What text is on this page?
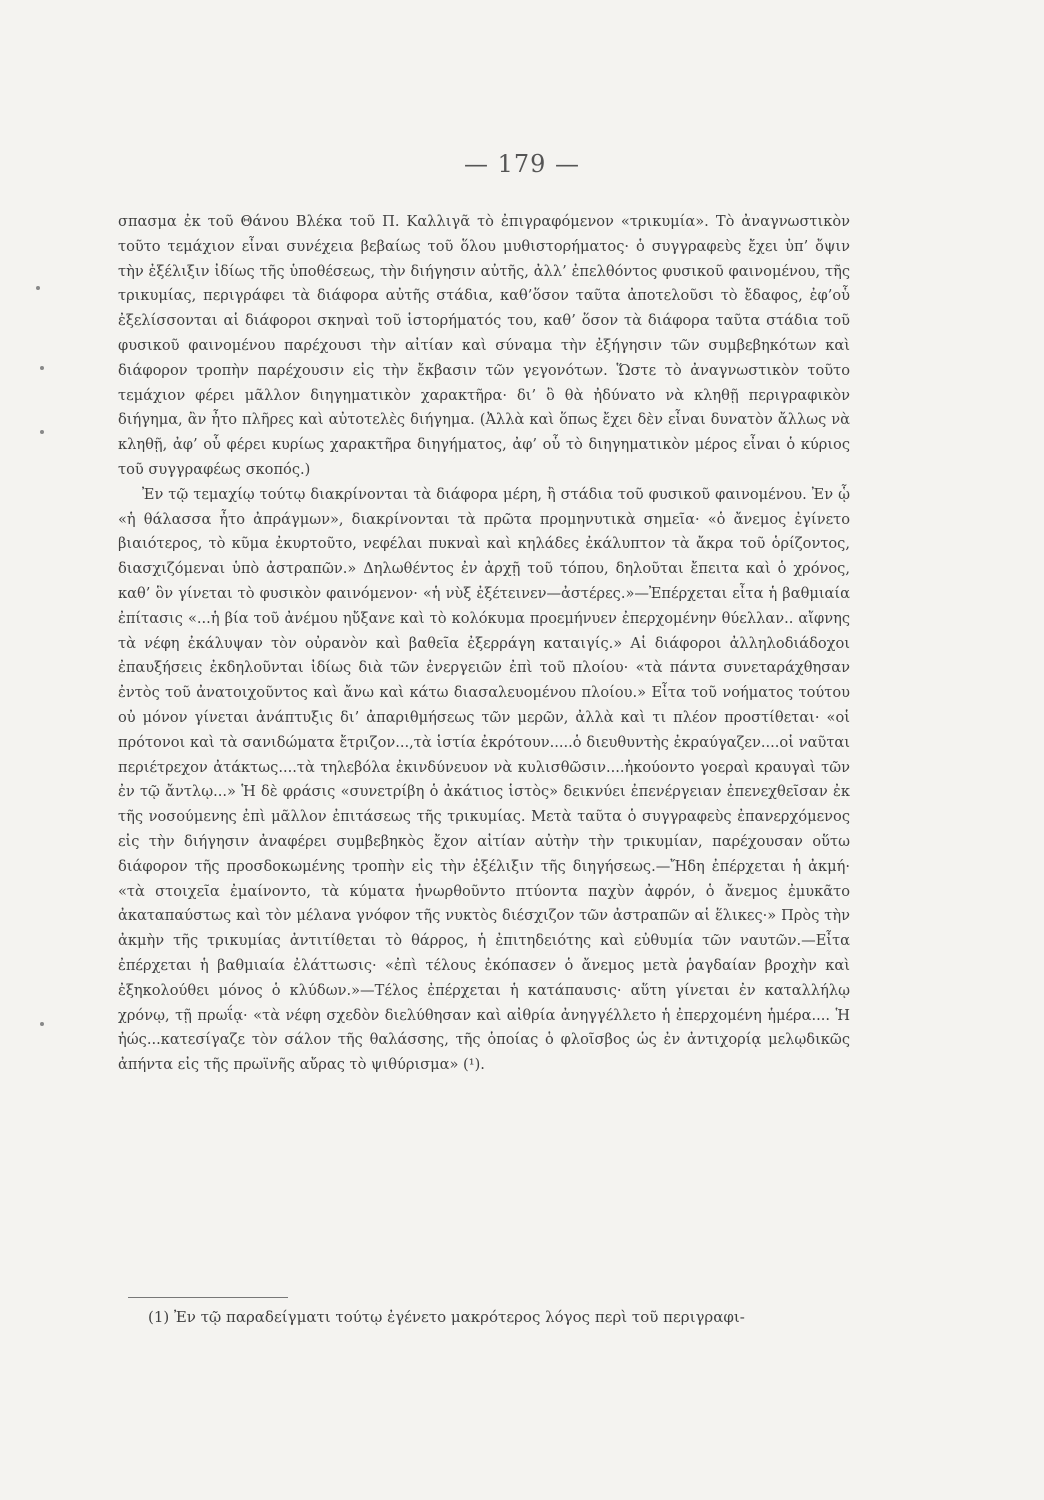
— 179 —

σπασμα ἐκ τοῦ Θάνου Βλέκα τοῦ Π. Καλλιγᾶ τὸ ἐπιγραφόμενον «τρικυμία». Τὸ ἀναγνωστικὸν τοῦτο τεμάχιον εἶναι συνέχεια βεβαίως τοῦ ὅλου μυθιστορήματος· ὁ συγγραφεὺς ἔχει ὑπ’ ὄψιν τὴν ἐξέλιξιν ἰδίως τῆς ὑποθέσεως, τὴν διήγησιν αὐτῆς, ἀλλ’ ἐπελθόντος φυσικοῦ φαινομένου, τῆς τρικυμίας, περιγράφει τὰ διάφορα αὐτῆς στάδια, καθ’ὅσον ταῦτα ἀποτελοῦσι τὸ ἔδαφος, ἐφ’οὗ ἐξελίσσονται αἱ διάφοροι σκηναὶ τοῦ ἱστορήματός του, καθ’ ὅσον τὰ διάφορα ταῦτα στάδια τοῦ φυσικοῦ φαινομένου παρέχουσι τὴν αἰτίαν καὶ σύναμα τὴν ἐξήγησιν τῶν συμβεβηκότων καὶ διάφορον τροπὴν παρέχουσιν εἰς τὴν ἔκβασιν τῶν γεγονότων. Ὥστε τὸ ἀναγνωστικὸν τοῦτο τεμάχιον φέρει μᾶλλον διηγηματικὸν χαρακτῆρα· δι’ ὃ θὰ ἠδύνατο νὰ κληθῇ περιγραφικὸν διήγημα, ἂν ἦτο πλῆρες καὶ αὐτοτελὲς διήγημα. (Ἀλλὰ καὶ ὅπως ἔχει δὲν εἶναι δυνατὸν ἄλλως νὰ κληθῇ, ἀφ’ οὗ φέρει κυρίως χαρακτῆρα διηγήματος, ἀφ’ οὗ τὸ διηγηματικὸν μέρος εἶναι ὁ κύριος τοῦ συγγραφέως σκοπός.)

Ἐν τῷ τεμαχίῳ τούτῳ διακρίνονται τὰ διάφορα μέρη, ἢ στάδια τοῦ φυσικοῦ φαινομένου. Ἐν ᾧ «ἡ θάλασσα ἦτο ἀπράγμων», διακρίνονται τὰ πρῶτα προμηνυτικὰ σημεῖα· «ὁ ἄνεμος ἐγίνετο βιαιότερος, τὸ κῦμα ἐκυρτοῦτο, νεφέλαι πυκναὶ καὶ κηλάδες ἐκάλυπτον τὰ ἄκρα τοῦ ὁρίζοντος, διασχιζόμεναι ὑπὸ ἀστραπῶν.» Δηλωθέντος ἐν ἀρχῇ τοῦ τόπου, δηλοῦται ἔπειτα καὶ ὁ χρόνος, καθ’ ὃν γίνεται τὸ φυσικὸν φαινόμενον· «ἡ νὺξ ἐξέτεινεν—ἀστέρες.»—Ἐπέρχεται εἶτα ἡ βαθμιαία ἐπίτασις «...ἡ βία τοῦ ἀνέμου ηὔξανε καὶ τὸ κολόκυμα προεμήνυεν ἐπερχομένην θύελλαν.. αἴφνης τὰ νέφη ἐκάλυψαν τὸν οὐρανὸν καὶ βαθεῖα ἐξερράγη καταιγίς.» Αἱ διάφοροι ἀλληλοδιάδοχοι ἐπαυξήσεις ἐκδηλοῦνται ἰδίως διὰ τῶν ἐνεργειῶν ἐπὶ τοῦ πλοίου· «τὰ πάντα συνεταράχθησαν ἐντὸς τοῦ ἀνατοιχοῦντος καὶ ἄνω καὶ κάτω διασαλευομένου πλοίου.» Εἶτα τοῦ νοήματος τούτου οὐ μόνον γίνεται ἀνάπτυξις δι’ ἀπαριθμήσεως τῶν μερῶν, ἀλλὰ καὶ τι πλέον προστίθεται· «οἱ πρότονοι καὶ τὰ σανιδώματα ἔτριζον...,τὰ ἱστία ἐκρότουν.....ὁ διευθυντὴς ἐκραύγαζεν....οἱ ναῦται περιέτρεχον ἀτάκτως....τὰ τηλεβόλα ἐκινδύνευον νὰ κυλισθῶσιν....ἠκούοντο γοεραὶ κραυγαὶ τῶν ἐν τῷ ἄντλῳ...» Ἡ δὲ φράσις «συνετρίβη ὁ ἀκάτιος ἱστὸς» δεικνύει ἐπενέργειαν ἐπενεχθεῖσαν ἐκ τῆς νοσούμενης ἐπὶ μᾶλλον ἐπιτάσεως τῆς τρικυμίας. Μετὰ ταῦτα ὁ συγγραφεὺς ἐπανερχόμενος εἰς τὴν διήγησιν ἀναφέρει συμβεβηκὸς ἔχον αἰτίαν αὐτὴν τὴν τρικυμίαν, παρέχουσαν οὕτω διάφορον τῆς προσδοκωμένης τροπὴν εἰς τὴν ἐξέλιξιν τῆς διηγήσεως.—Ἤδη ἐπέρχεται ἡ ἀκμή· «τὰ στοιχεῖα ἐμαίνοντο, τὰ κύματα ἠνωρθοῦντο πτύοντα παχὺν ἀφρόν, ὁ ἄνεμος ἐμυκᾶτο ἀκαταπαύστως καὶ τὸν μέλανα γνόφον τῆς νυκτὸς διέσχιζον τῶν ἀστραπῶν αἱ ἕλικες·» Πρὸς τὴν ἀκμὴν τῆς τρικυμίας ἀντιτίθεται τὸ θάρρος, ἡ ἐπιτηδειότης καὶ εὐθυμία τῶν ναυτῶν.—Εἶτα ἐπέρχεται ἡ βαθμιαία ἐλάττωσις· «ἐπὶ τέλους ἐκόπασεν ὁ ἄνεμος μετὰ ῥαγδαίαν βροχὴν καὶ ἐξηκολούθει μόνος ὁ κλύδων.»—Τέλος ἐπέρχεται ἡ κατάπαυσις· αὕτη γίνεται ἐν καταλλήλῳ χρόνῳ, τῇ πρωΐᾳ· «τὰ νέφη σχεδὸν διελύθησαν καὶ αἰθρία ἀνηγγέλλετο ἡ ἐπερχομένη ἡμέρα.... Ἡ ἠώς...κατεσίγαζε τὸν σάλον τῆς θαλάσσης, τῆς ὁποίας ὁ φλοῖσβος ὡς ἐν ἀντιχορίᾳ μελῳδικῶς ἀπήντα εἰς τῆς πρωϊνῆς αὔρας τὸ ψιθύρισμα» (¹).

(1) Ἐν τῷ παραδείγματι τούτῳ ἐγένετο μακρότερος λόγος περὶ τοῦ περιγραφι-
